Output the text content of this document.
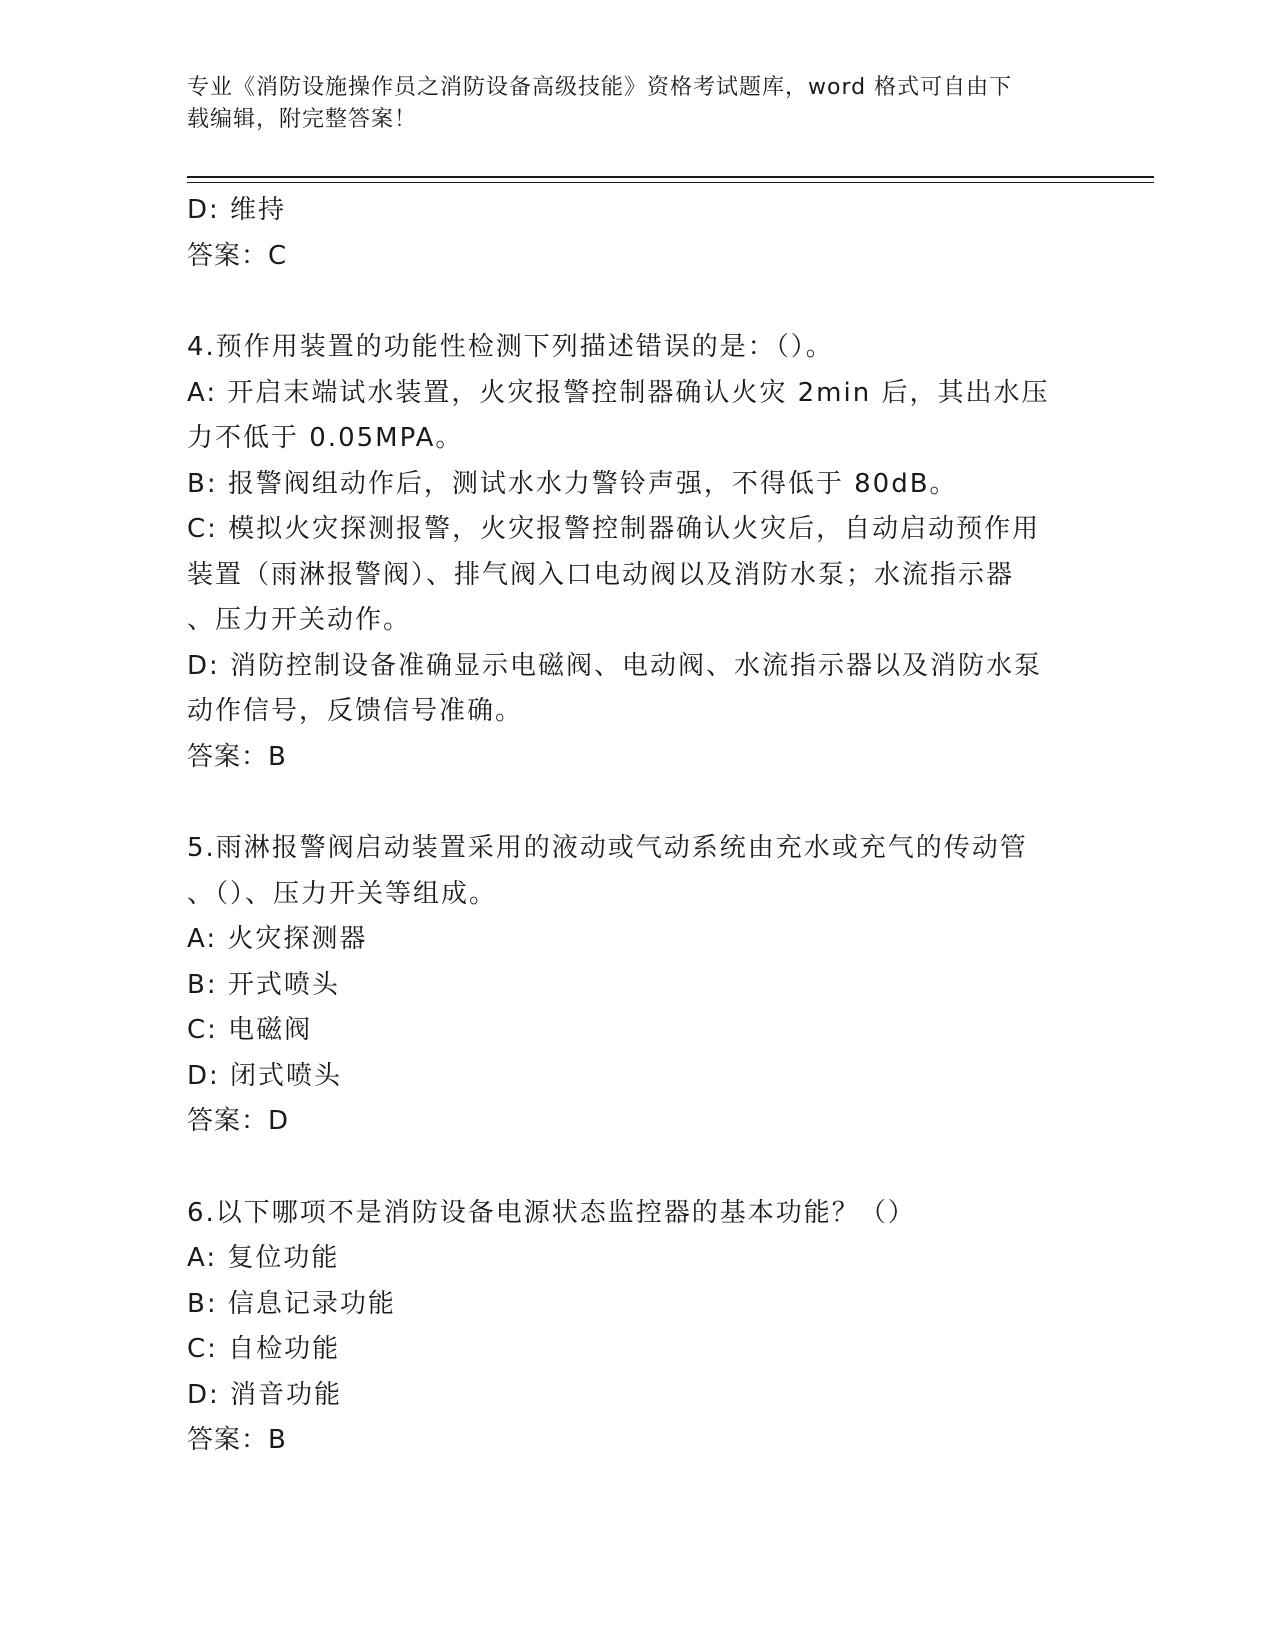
专业《消防设施操作员之消防设备高级技能》资格考试题库，word 格式可自由下

载编辑，附完整答案！

D: 维持

答案：C

4.预作用装置的功能性检测下列描述错误的是：（）。

A: 开启末端试水装置，火灾报警控制器确认火灾 2min 后，其出水压

力不低于 0.05MPA。

B: 报警阀组动作后，测试水水力警铃声强，不得低于 80dB。

C: 模拟火灾探测报警，火灾报警控制器确认火灾后，自动启动预作用

装置（雨淋报警阀）、排气阀入口电动阀以及消防水泵；水流指示器

、压力开关动作。

D: 消防控制设备准确显示电磁阀、电动阀、水流指示器以及消防水泵

动作信号，反馈信号准确。

答案：B

5.雨淋报警阀启动装置采用的液动或气动系统由充水或充气的传动管

、（）、压力开关等组成。

A: 火灾探测器

B: 开式喷头

C: 电磁阀

D: 闭式喷头

答案：D

6.以下哪项不是消防设备电源状态监控器的基本功能？（）

A: 复位功能

B: 信息记录功能

C: 自检功能

D: 消音功能

答案：B
